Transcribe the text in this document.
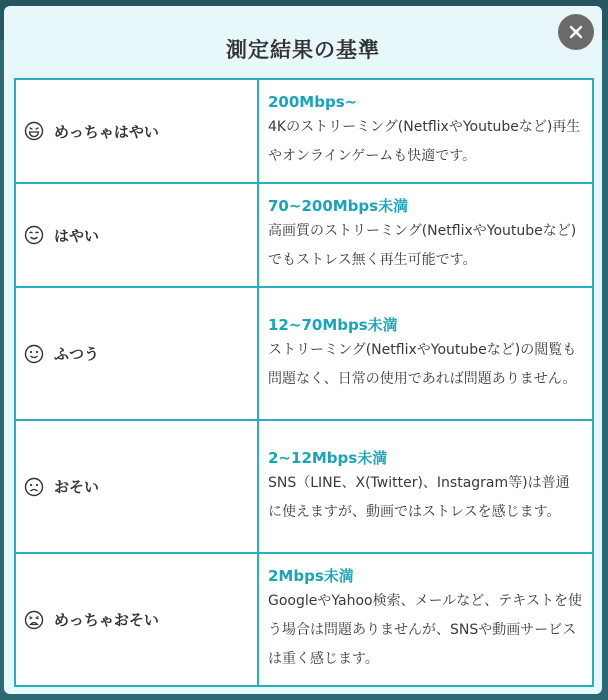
測定結果の基準
めっちゃはやい	200Mbps~
4Kのストリーミング(NetflixやYoutubeなど)再生やオンラインゲームも快適です。

はやい	70~200Mbps未満
高画質のストリーミング(NetflixやYoutubeなど)でもストレス無く再生可能です。

ふつう	12~70Mbps未満
ストリーミング(NetflixやYoutubeなど)の閲覧も問題なく、日常の使用であれば問題ありません。

おそい	2~12Mbps未満
SNS（LINE、X(Twitter)、Instagram等)は普通に使えますが、動画ではストレスを感じます。

めっちゃおそい	2Mbps未満
GoogleやYahoo検索、メールなど、テキストを使う場合は問題ありませんが、SNSや動画サービスは重く感じます。
